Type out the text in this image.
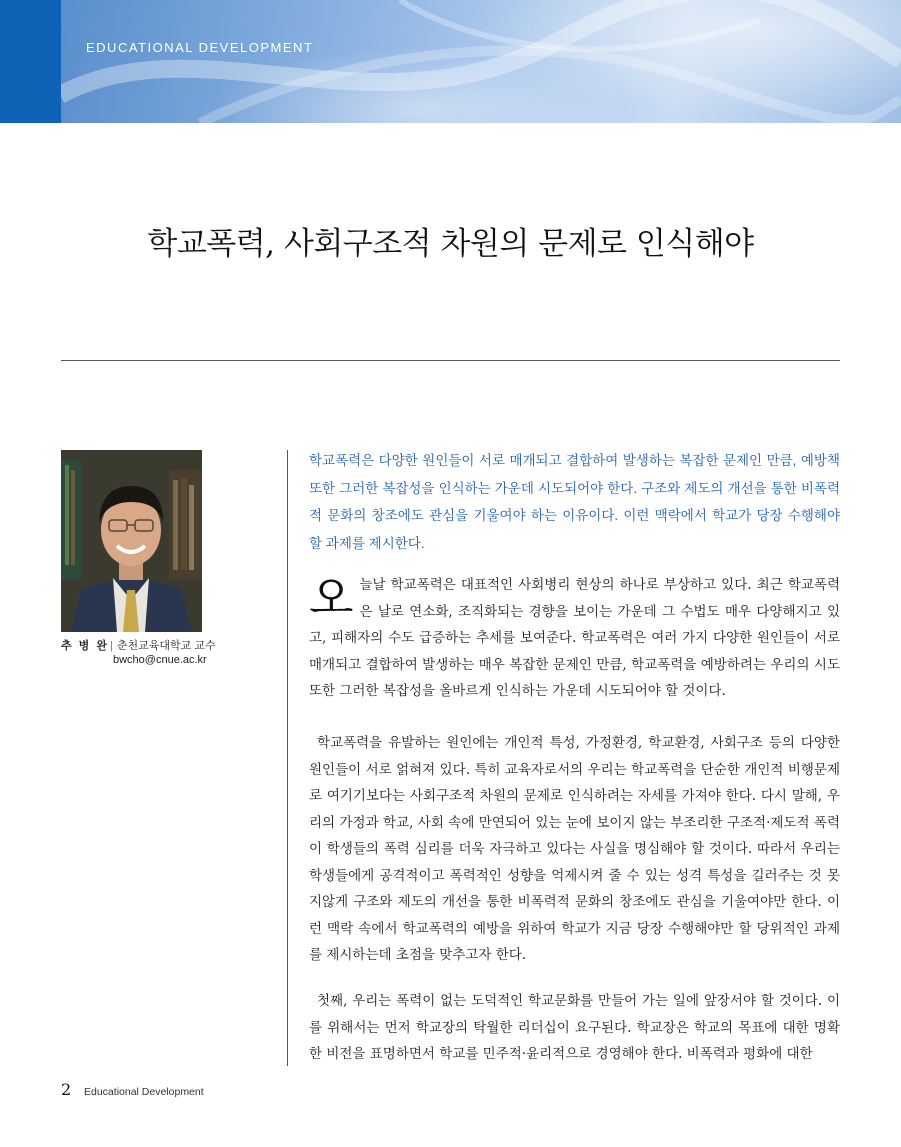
EDUCATIONAL DEVELOPMENT
학교폭력, 사회구조적 차원의 문제로 인식해야
추 병 완| 춘천교육대학교 교수
bwcho@cnue.ac.kr
학교폭력은 다양한 원인들이 서로 매개되고 결합하여 발생하는 복잡한 문제인 만큼, 예방책 또한 그러한 복잡성을 인식하는 가운데 시도되어야 한다. 구조와 제도의 개선을 통한 비폭력적 문화의 창조에도 관심을 기울여야 하는 이유이다. 이런 맥락에서 학교가 당장 수행해야 할 과제를 제시한다.
오늘날 학교폭력은 대표적인 사회병리 현상의 하나로 부상하고 있다. 최근 학교폭력은 날로 연소화, 조직화되는 경향을 보이는 가운데 그 수법도 매우 다양해지고 있고, 피해자의 수도 급증하는 추세를 보여준다. 학교폭력은 여러 가지 다양한 원인들이 서로 매개되고 결합하여 발생하는 매우 복잡한 문제인 만큼, 학교폭력을 예방하려는 우리의 시도 또한 그러한 복잡성을 올바르게 인식하는 가운데 시도되어야 할 것이다.
학교폭력을 유발하는 원인에는 개인적 특성, 가정환경, 학교환경, 사회구조 등의 다양한 원인들이 서로 얽혀져 있다. 특히 교육자로서의 우리는 학교폭력을 단순한 개인적 비행문제로 여기기보다는 사회구조적 차원의 문제로 인식하려는 자세를 가져야 한다. 다시 말해, 우리의 가정과 학교, 사회 속에 만연되어 있는 눈에 보이지 않는 부조리한 구조적·제도적 폭력이 학생들의 폭력 심리를 더욱 자극하고 있다는 사실을 명심해야 할 것이다. 따라서 우리는 학생들에게 공격적이고 폭력적인 성향을 억제시켜 줄 수 있는 성격 특성을 길러주는 것 못지않게 구조와 제도의 개선을 통한 비폭력적 문화의 창조에도 관심을 기울여야만 한다. 이런 맥락 속에서 학교폭력의 예방을 위하여 학교가 지금 당장 수행해야만 할 당위적인 과제를 제시하는데 초점을 맞추고자 한다.
첫째, 우리는 폭력이 없는 도덕적인 학교문화를 만들어 가는 일에 앞장서야 할 것이다. 이를 위해서는 먼저 학교장의 탁월한 리더십이 요구된다. 학교장은 학교의 목표에 대한 명확한 비전을 표명하면서 학교를 민주적·윤리적으로 경영해야 한다. 비폭력과 평화에 대한
2 Educational Development
